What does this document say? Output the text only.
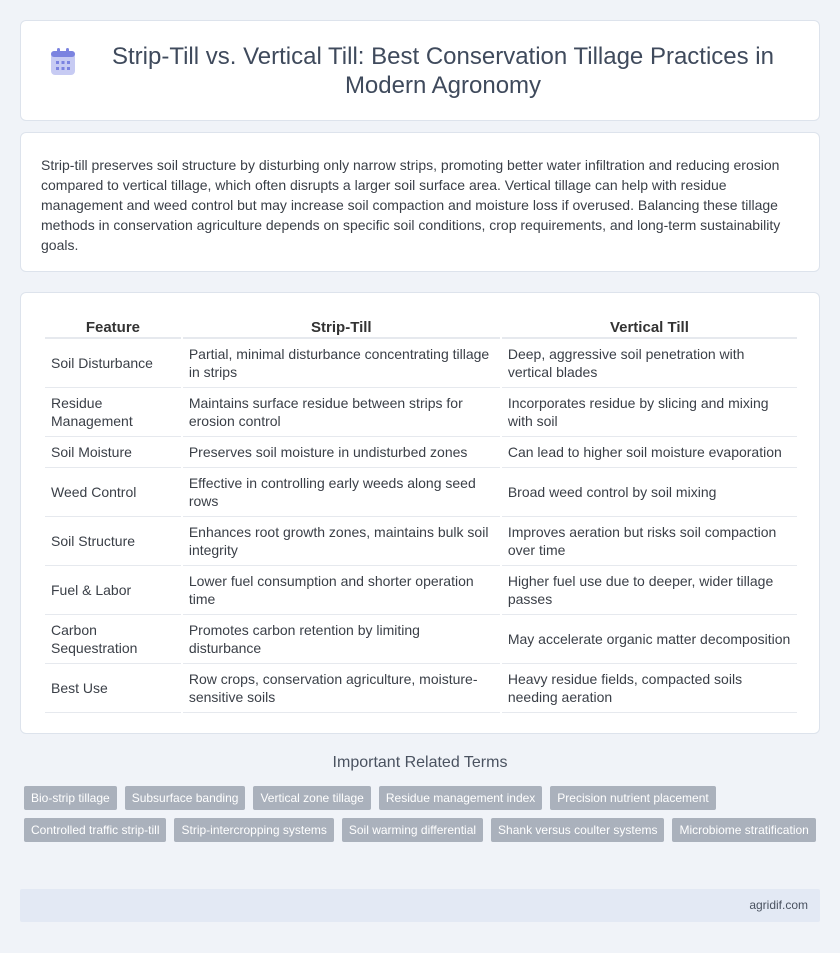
Strip-Till vs. Vertical Till: Best Conservation Tillage Practices in Modern Agronomy

Strip-till preserves soil structure by disturbing only narrow strips, promoting better water infiltration and reducing erosion compared to vertical tillage, which often disrupts a larger soil surface area. Vertical tillage can help with residue management and weed control but may increase soil compaction and moisture loss if overused. Balancing these tillage methods in conservation agriculture depends on specific soil conditions, crop requirements, and long-term sustainability goals.

Feature	Strip-Till	Vertical Till
Soil Disturbance	Partial, minimal disturbance concentrating tillage in strips	Deep, aggressive soil penetration with vertical blades
Residue Management	Maintains surface residue between strips for erosion control	Incorporates residue by slicing and mixing with soil
Soil Moisture	Preserves soil moisture in undisturbed zones	Can lead to higher soil moisture evaporation
Weed Control	Effective in controlling early weeds along seed rows	Broad weed control by soil mixing
Soil Structure	Enhances root growth zones, maintains bulk soil integrity	Improves aeration but risks soil compaction over time
Fuel & Labor	Lower fuel consumption and shorter operation time	Higher fuel use due to deeper, wider tillage passes
Carbon Sequestration	Promotes carbon retention by limiting disturbance	May accelerate organic matter decomposition
Best Use	Row crops, conservation agriculture, moisture-sensitive soils	Heavy residue fields, compacted soils needing aeration
Important Related Terms
Bio-strip tillage	Subsurface banding	Vertical zone tillage	Residue management index	Precision nutrient placement
Controlled traffic strip-till	Strip-intercropping systems	Soil warming differential	Shank versus coulter systems	Microbiome stratification
agridif.com
